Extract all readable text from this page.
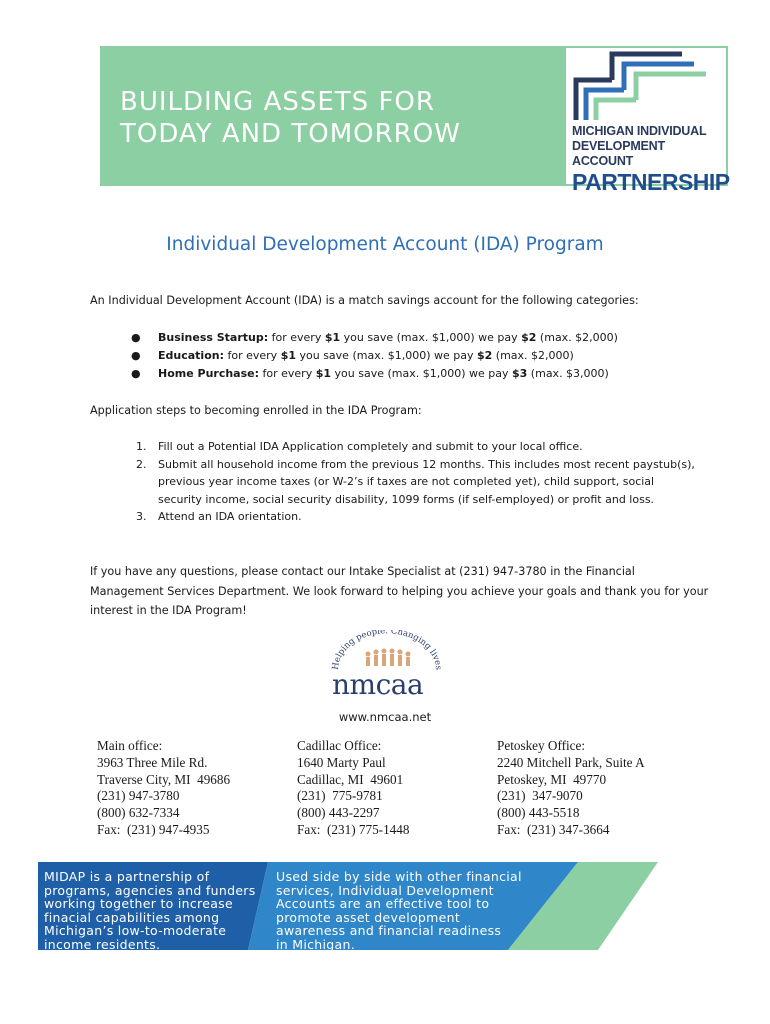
BUILDING ASSETS FOR
TODAY AND TOMORROW	MICHIGAN INDIVIDUAL
DEVELOPMENT ACCOUNT
PARTNERSHIP
Individual Development Account (IDA) Program
An Individual Development Account (IDA) is a match savings account for the following categories:
● Business Startup: for every $1 you save (max. $1,000) we pay $2 (max. $2,000)
● Education: for every $1 you save (max. $1,000) we pay $2 (max. $2,000)
● Home Purchase: for every $1 you save (max. $1,000) we pay $3 (max. $3,000)
Application steps to becoming enrolled in the IDA Program:
1. Fill out a Potential IDA Application completely and submit to your local office.
2. Submit all household income from the previous 12 months. This includes most recent paystub(s), previous year income taxes (or W-2’s if taxes are not completed yet), child support, social security income, social security disability, 1099 forms (if self-employed) or profit and loss.
3. Attend an IDA orientation.
If you have any questions, please contact our Intake Specialist at (231) 947-3780 in the Financial Management Services Department. We look forward to helping you achieve your goals and thank you for your interest in the IDA Program!
Helping people. Changing lives
nmcaa
www.nmcaa.net
Main office:
3963 Three Mile Rd.
Traverse City, MI  49686
(231) 947-3780
(800) 632-7334
Fax:  (231) 947-4935
Cadillac Office:
1640 Marty Paul
Cadillac, MI  49601
(231)  775-9781
(800) 443-2297
Fax:  (231) 775-1448
Petoskey Office:
2240 Mitchell Park, Suite A
Petoskey, MI  49770
(231)  347-9070
(800) 443-5518
Fax:  (231) 347-3664
MIDAP is a partnership of
programs, agencies and funders
working together to increase
finacial capabilities among
Michigan’s low-to-moderate
income residents.
Used side by side with other financial
services, Individual Development
Accounts are an effective tool to
promote asset development
awareness and financial readiness
in Michigan.
